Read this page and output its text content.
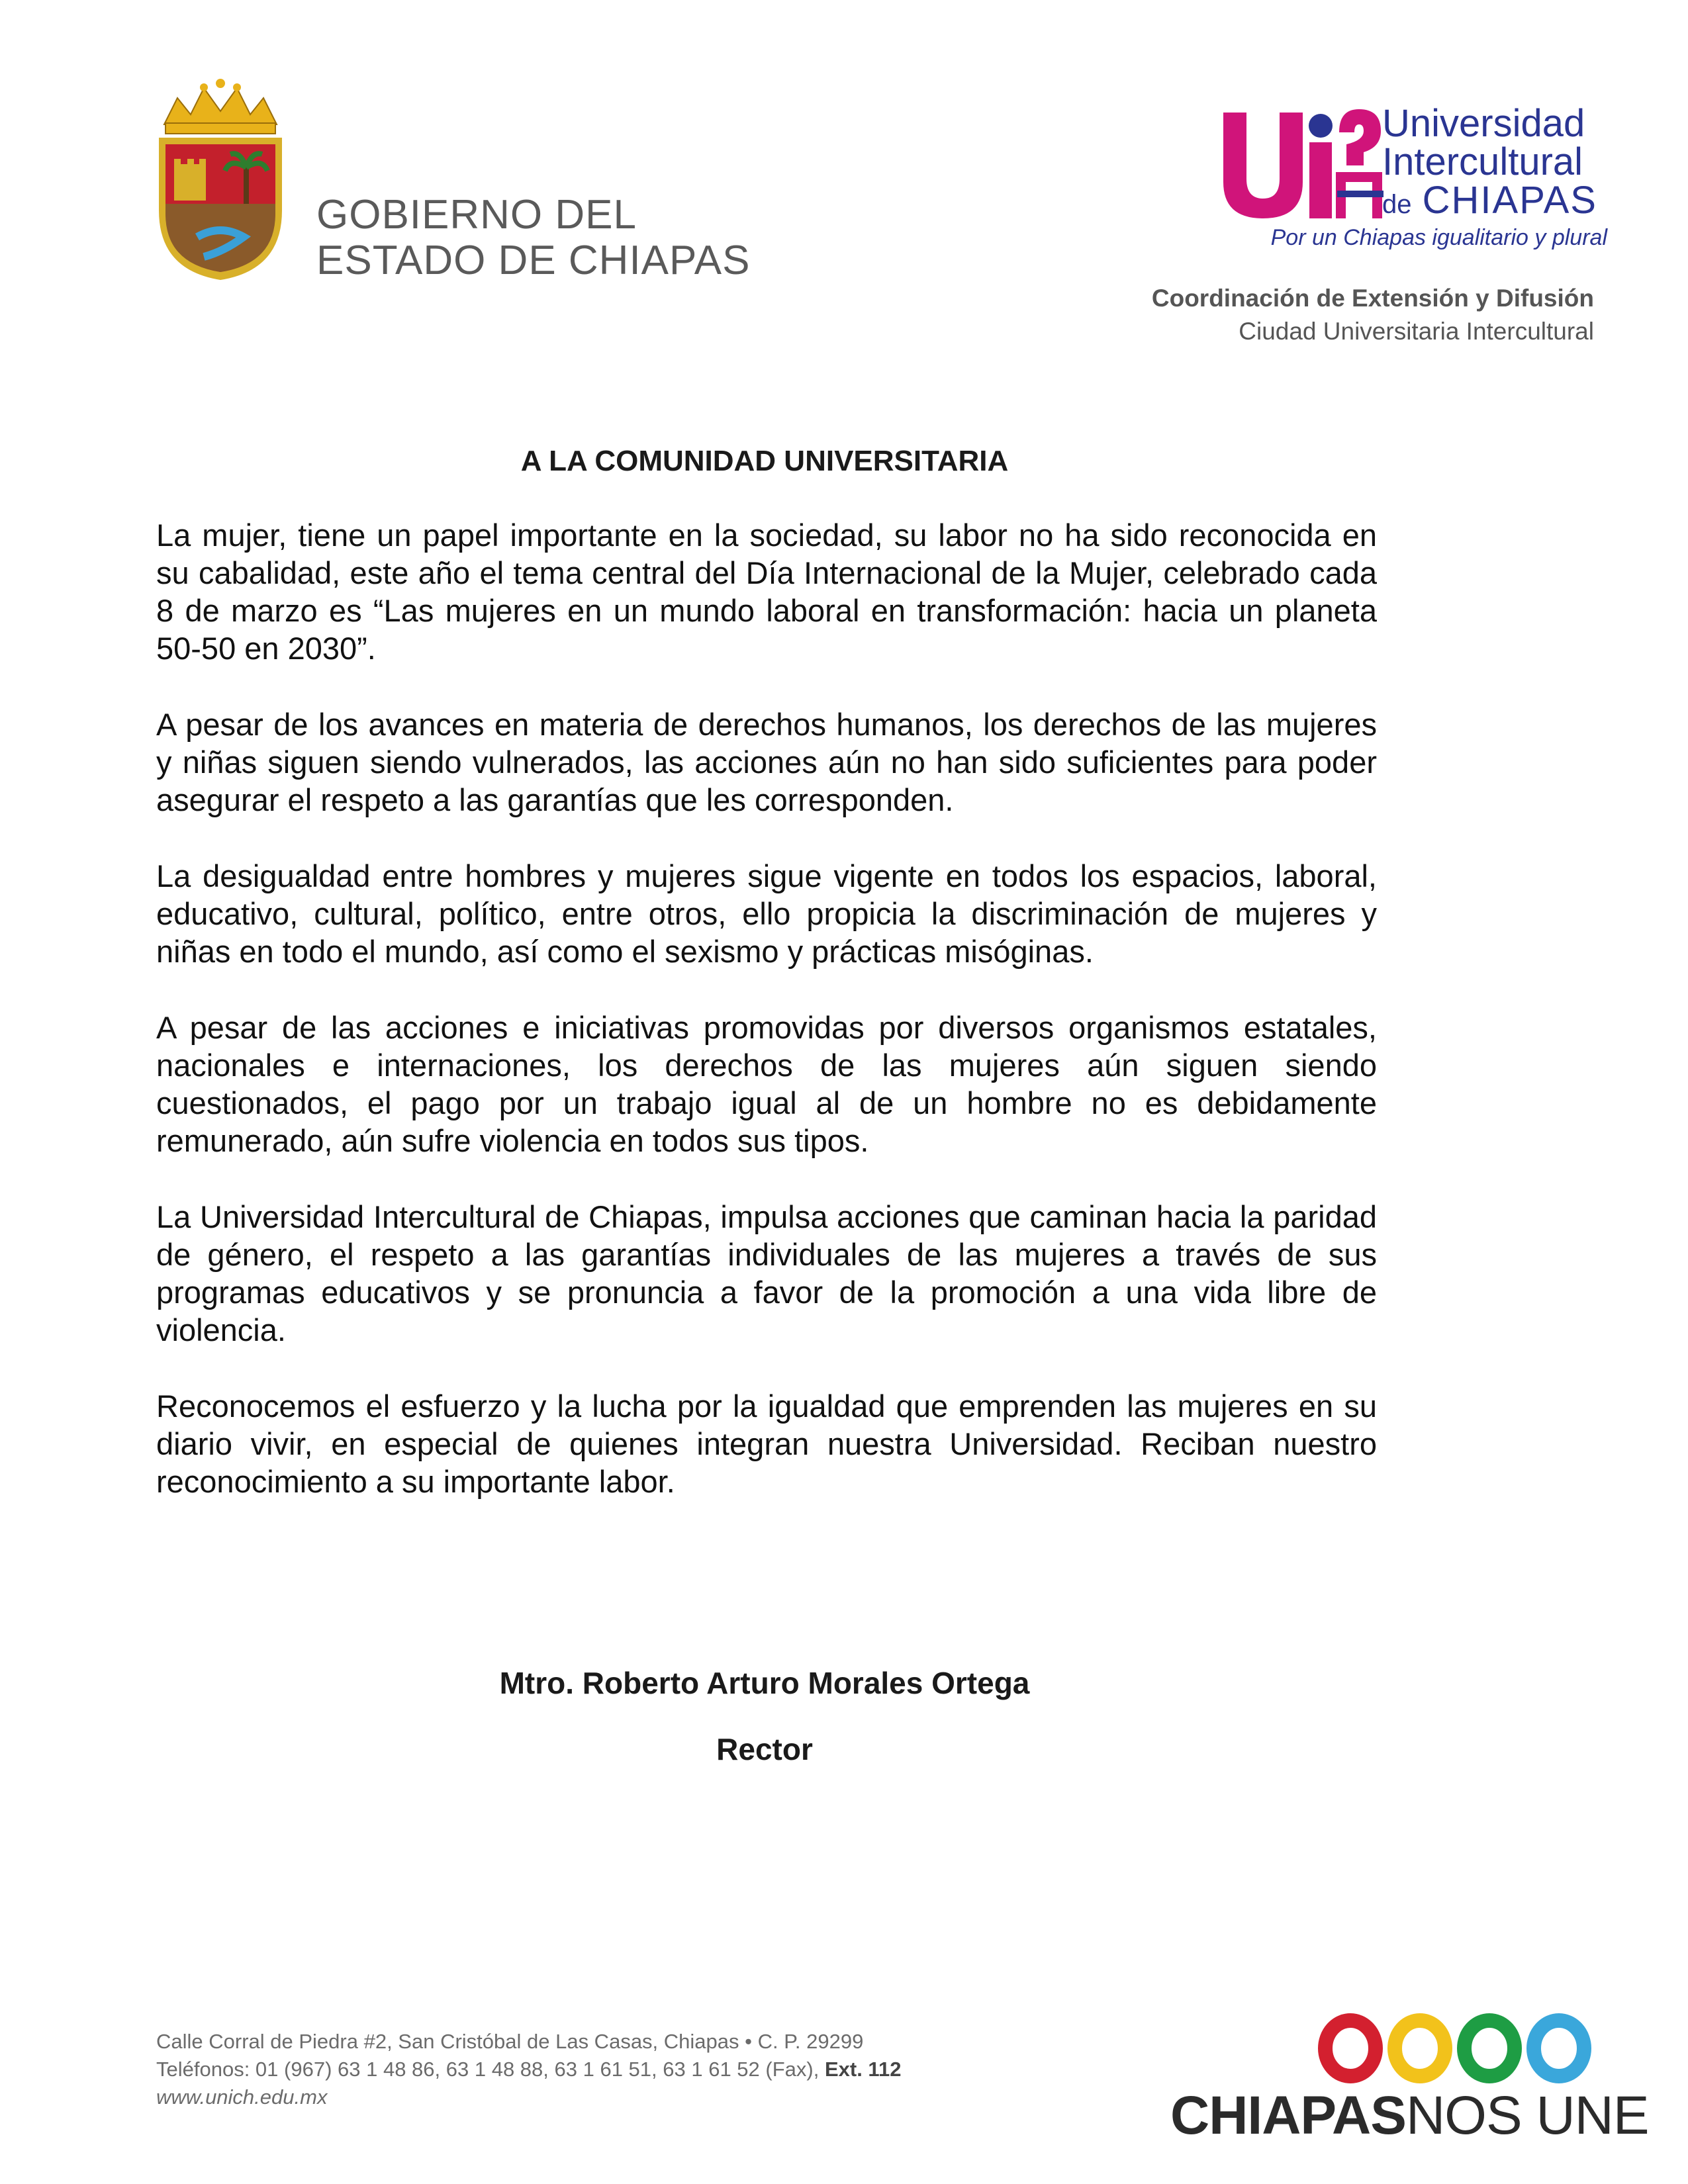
GOBIERNO DEL
ESTADO DE CHIAPAS
Universidad
Intercultural
de CHIAPAS
Por un Chiapas igualitario y plural
Coordinación de Extensión y Difusión
Ciudad Universitaria Intercultural
A LA COMUNIDAD UNIVERSITARIA

La mujer, tiene un papel importante en la sociedad, su labor no ha sido reconocida en su cabalidad, este año el tema central del Día Internacional de la Mujer, celebrado cada 8 de marzo es “Las mujeres en un mundo laboral en transformación: hacia un planeta 50-50 en 2030”.

A pesar de los avances en materia de derechos humanos, los derechos de las mujeres y niñas siguen siendo vulnerados, las acciones aún no han sido suficientes para poder asegurar el respeto a las garantías que les corresponden.

La desigualdad entre hombres y mujeres sigue vigente en todos los espacios, laboral, educativo, cultural, político, entre otros, ello propicia la discriminación de mujeres y niñas en todo el mundo, así como el sexismo y prácticas misóginas.

A pesar de las acciones e iniciativas promovidas por diversos organismos estatales, nacionales e internaciones, los derechos de las mujeres aún siguen siendo cuestionados, el pago por un trabajo igual al de un hombre no es debidamente remunerado, aún sufre violencia en todos sus tipos.

La Universidad Intercultural de Chiapas, impulsa acciones que caminan hacia la paridad de género, el respeto a las garantías individuales de las mujeres a través de sus programas educativos y se pronuncia a favor de la promoción a una vida libre de violencia.

Reconocemos el esfuerzo y la lucha por la igualdad que emprenden las mujeres en su diario vivir, en especial de quienes integran nuestra Universidad. Reciban nuestro reconocimiento a su importante labor.

Mtro. Roberto Arturo Morales Ortega
Rector
Calle Corral de Piedra #2, San Cristóbal de Las Casas, Chiapas • C. P. 29299
Teléfonos: 01 (967) 63 1 48 86, 63 1 48 88, 63 1 61 51, 63 1 61 52 (Fax), Ext. 112
www.unich.edu.mx	CHIAPASNOS UNE
